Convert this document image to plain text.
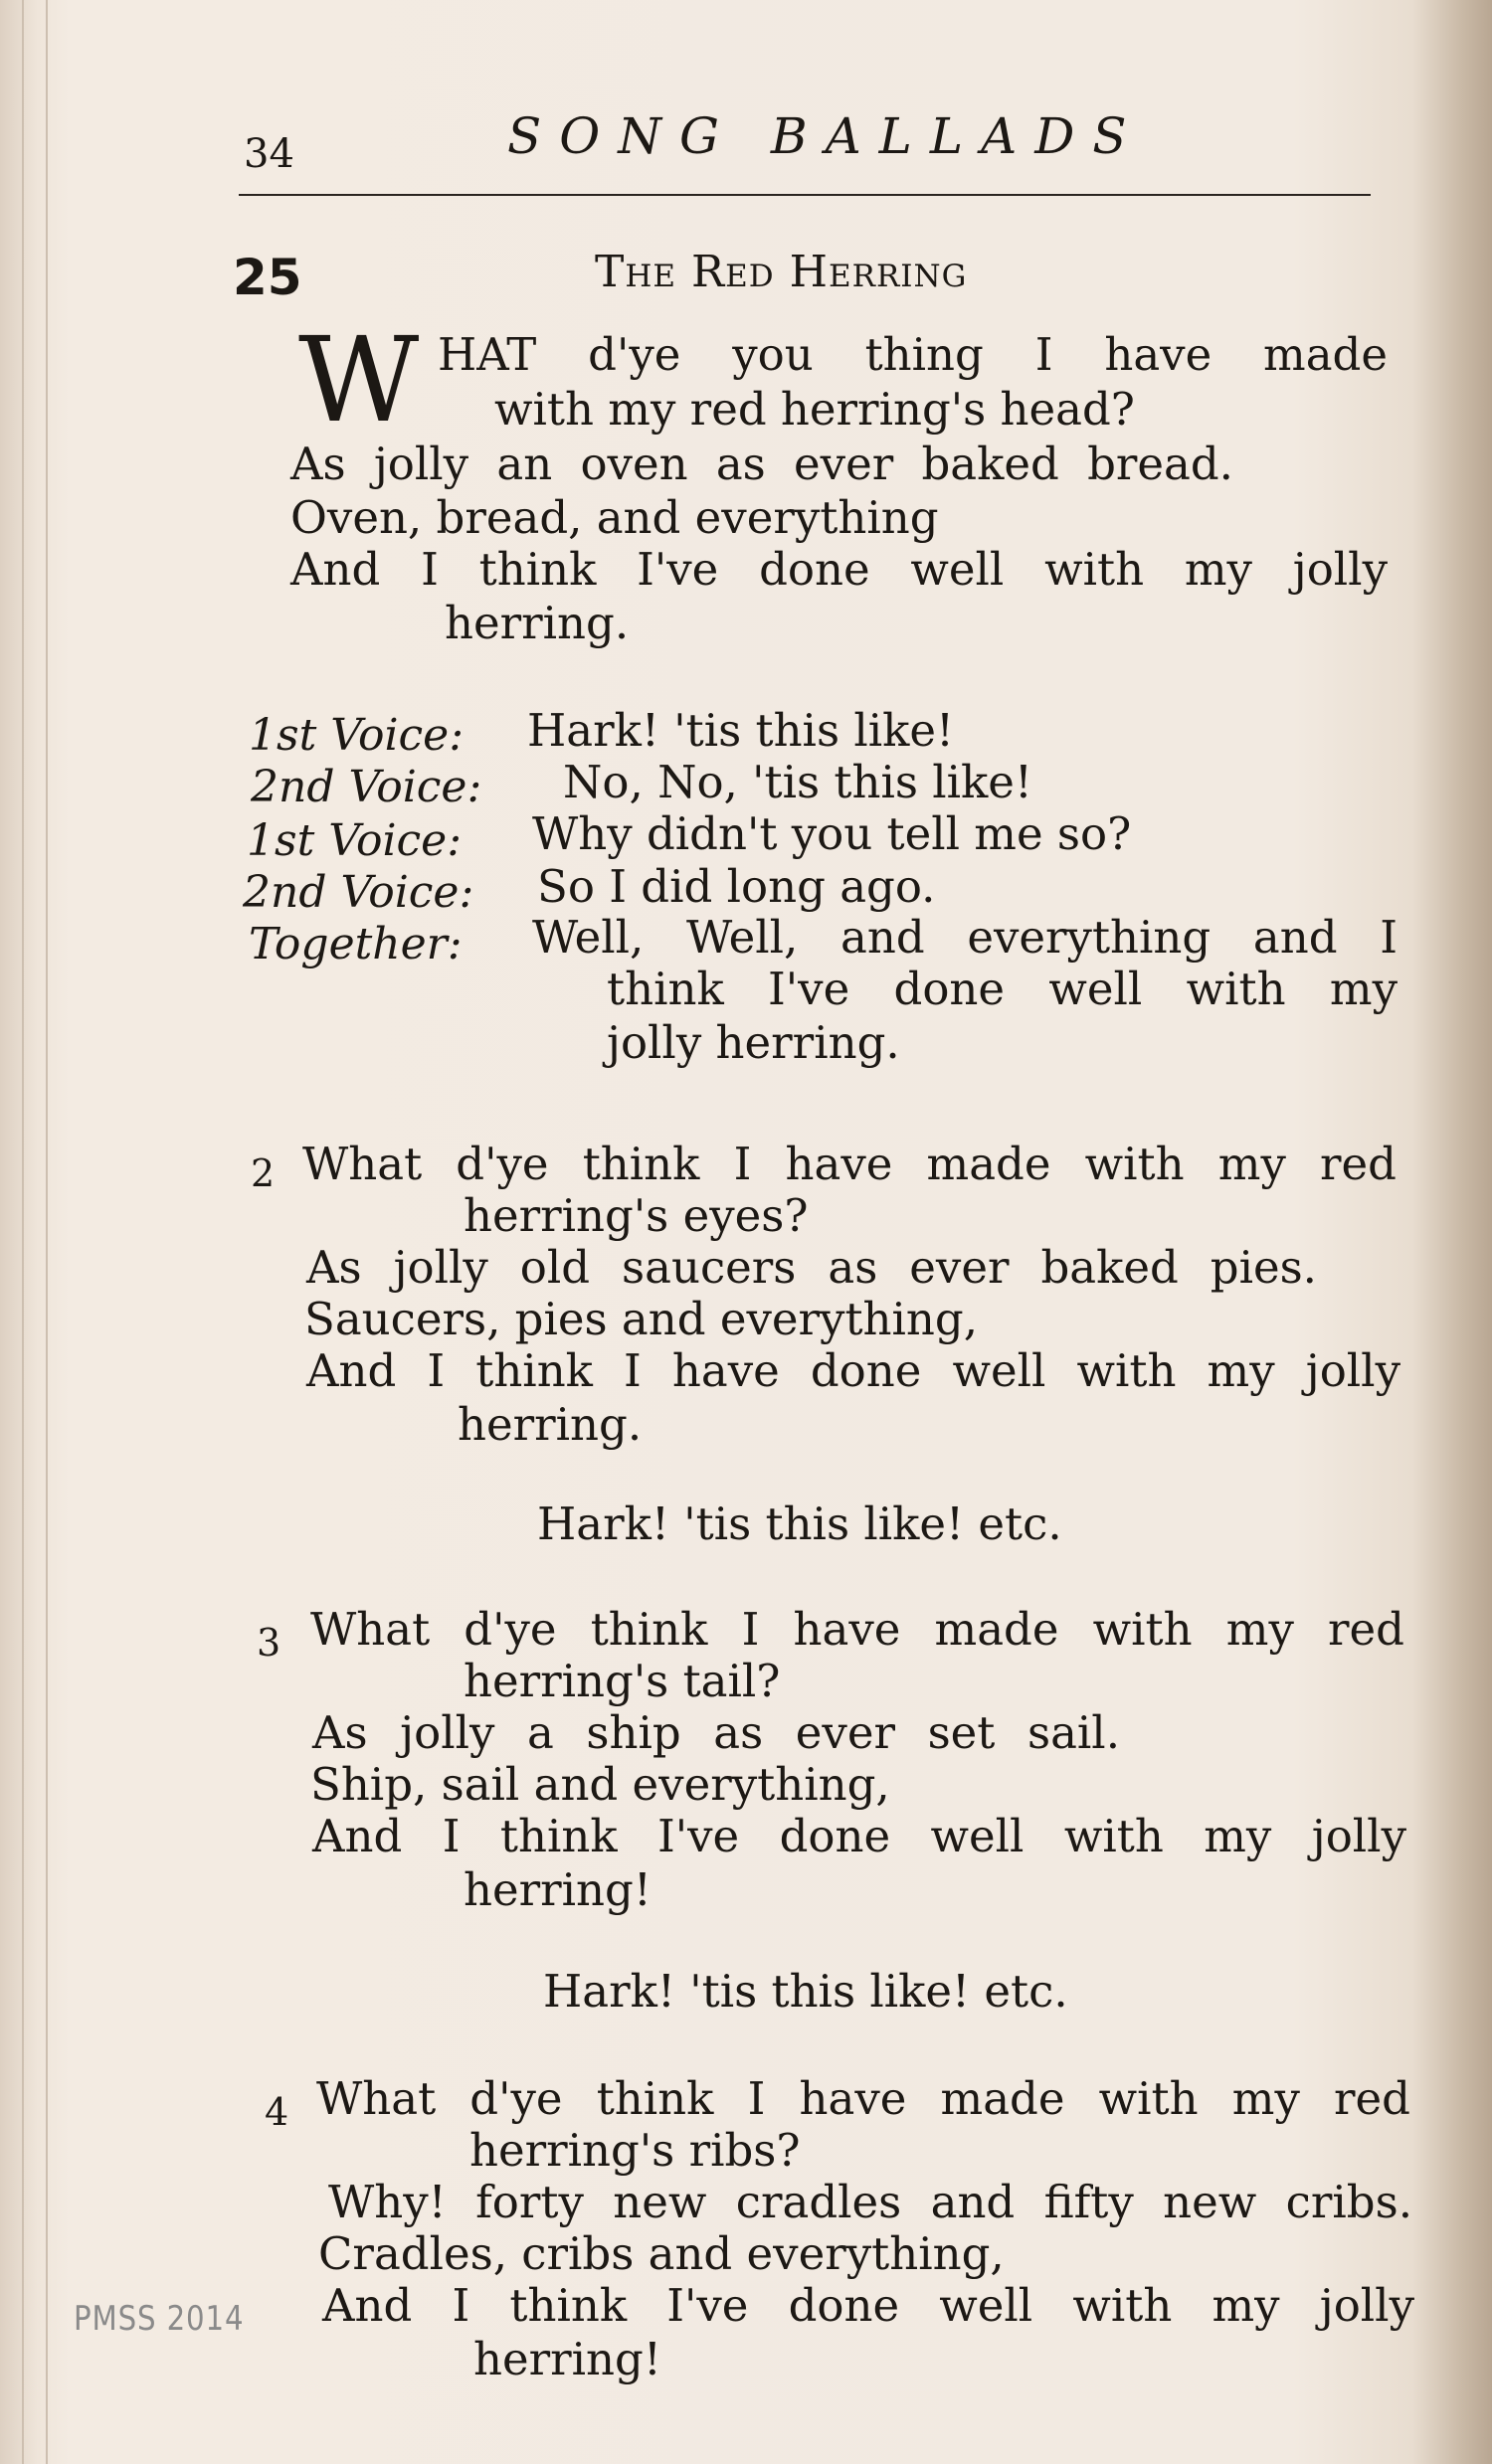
34	SONG BALLADS
25	The Red Herring
W HAT d'ye you thing I have made
with my red herring's head?
As jolly an oven as ever baked bread.
Oven, bread, and everything
And I think I've done well with my jolly
herring.
1st Voice: Hark! 'tis this like!
2nd Voice: No, No, 'tis this like!
1st Voice: Why didn't you tell me so?
2nd Voice: So I did long ago.
Together: Well, Well, and everything and I
think I've done well with my
jolly herring.
2 What d'ye think I have made with my red
herring's eyes?
As jolly old saucers as ever baked pies.
Saucers, pies and everything,
And I think I have done well with my jolly
herring.
Hark! 'tis this like! etc.
3 What d'ye think I have made with my red
herring's tail?
As jolly a ship as ever set sail.
Ship, sail and everything,
And I think I've done well with my jolly
herring!
Hark! 'tis this like! etc.
4 What d'ye think I have made with my red
herring's ribs?
Why! forty new cradles and fifty new cribs.
Cradles, cribs and everything,
And I think I've done well with my jolly
herring!
PMSS 2014
